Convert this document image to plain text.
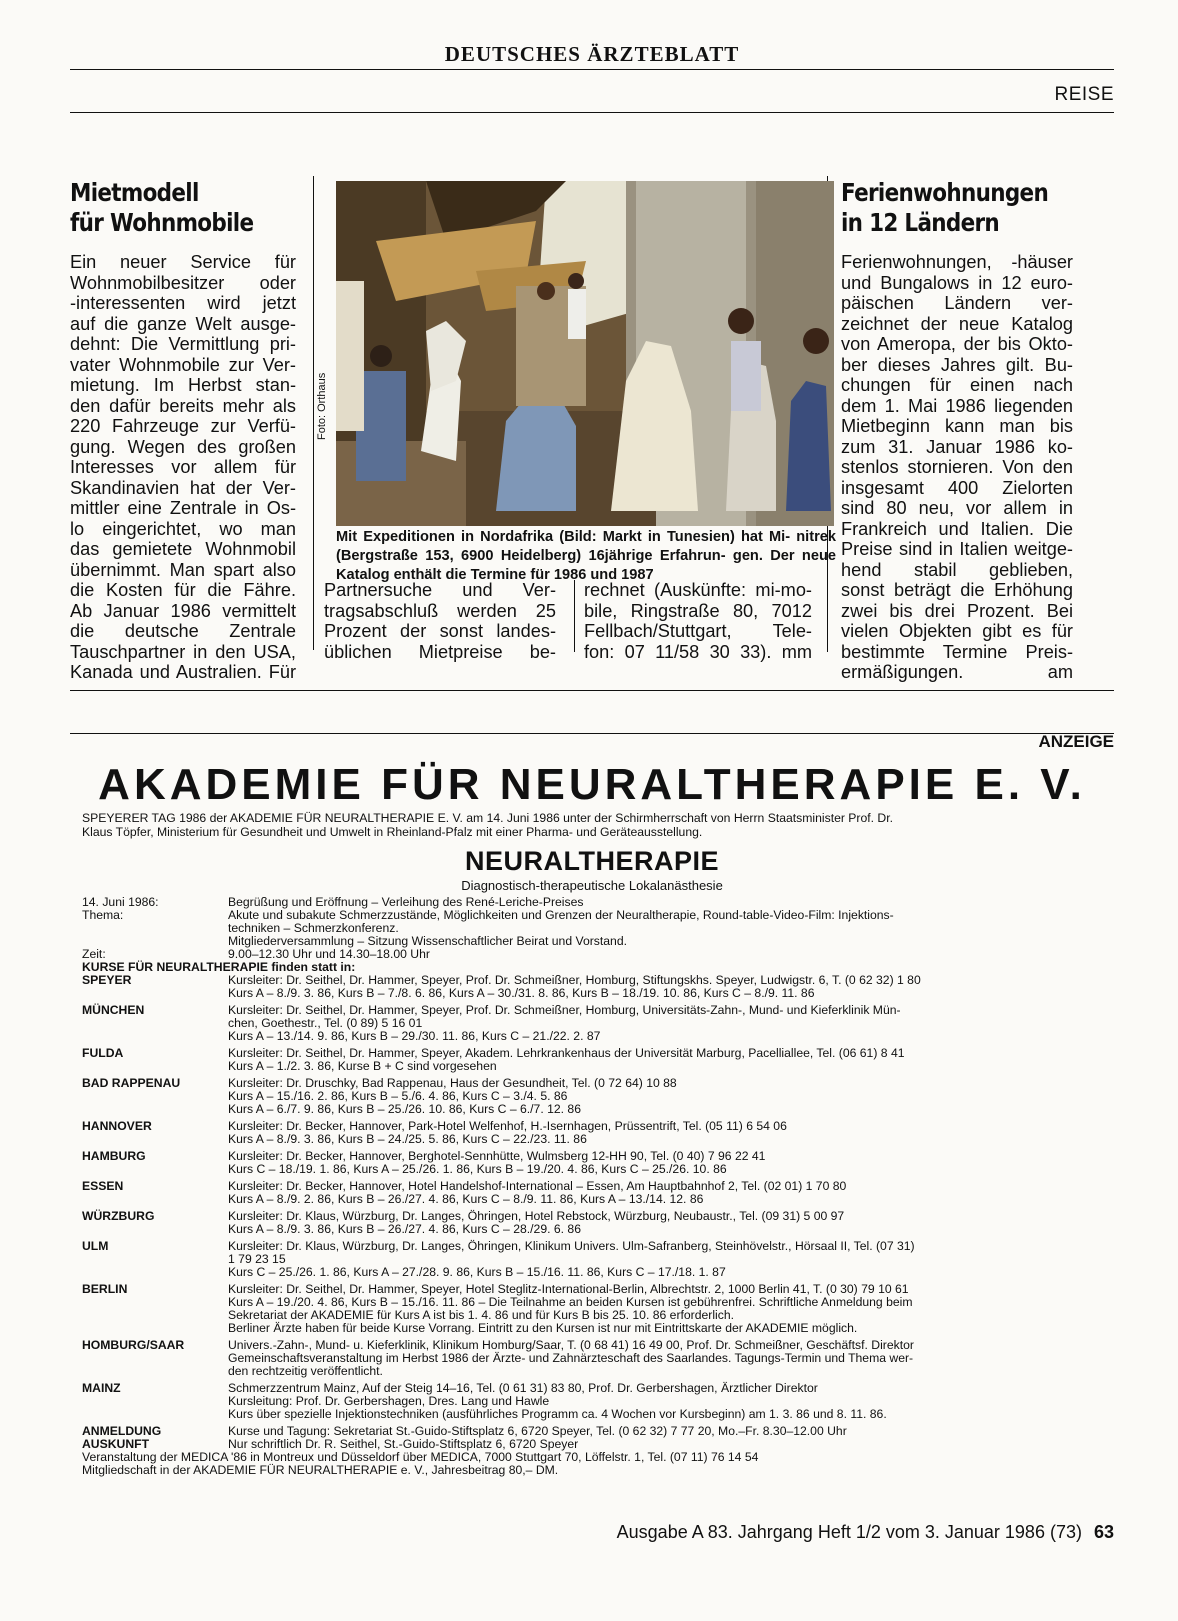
DEUTSCHES ÄRZTEBLATT
REISE
Mietmodell
für Wohnmobile
Ein neuer Service für
Wohnmobilbesitzer oder
-interessenten wird jetzt
auf die ganze Welt ausge-
dehnt: Die Vermittlung pri-
vater Wohnmobile zur Ver-
mietung. Im Herbst stan-
den dafür bereits mehr als
220 Fahrzeuge zur Verfü-
gung. Wegen des großen
Interesses vor allem für
Skandinavien hat der Ver-
mittler eine Zentrale in Os-
lo eingerichtet, wo man
das gemietete Wohnmobil
übernimmt. Man spart also
die Kosten für die Fähre.
Ab Januar 1986 vermittelt
die deutsche Zentrale
Tauschpartner in den USA,
Kanada und Australien. Für
Foto: Orthaus
Mit Expeditionen in Nordafrika (Bild: Markt in Tunesien) hat Mi- nitrek (Bergstraße 153, 6900 Heidelberg) 16jährige Erfahrun- gen. Der neue Katalog enthält die Termine für 1986 und 1987
Partnersuche und Ver-
tragsabschluß werden 25
Prozent der sonst landes-
üblichen Mietpreise be-
rechnet (Auskünfte: mi-mo-
bile, Ringstraße 80, 7012
Fellbach/Stuttgart, Tele-
fon: 07 11/58 30 33). mm
Ferienwohnungen
in 12 Ländern
Ferienwohnungen, -häuser
und Bungalows in 12 euro-
päischen Ländern ver-
zeichnet der neue Katalog
von Ameropa, der bis Okto-
ber dieses Jahres gilt. Bu-
chungen für einen nach
dem 1. Mai 1986 liegenden
Mietbeginn kann man bis
zum 31. Januar 1986 ko-
stenlos stornieren. Von den
insgesamt 400 Zielorten
sind 80 neu, vor allem in
Frankreich und Italien. Die
Preise sind in Italien weitge-
hend stabil geblieben,
sonst beträgt die Erhöhung
zwei bis drei Prozent. Bei
vielen Objekten gibt es für
bestimmte Termine Preis-
ermäßigungen. am
ANZEIGE
AKADEMIE FÜR NEURALTHERAPIE E. V.
SPEYERER TAG 1986 der AKADEMIE FÜR NEURALTHERAPIE E. V. am 14. Juni 1986 unter der Schirmherrschaft von Herrn Staatsminister Prof. Dr.
Klaus Töpfer, Ministerium für Gesundheit und Umwelt in Rheinland-Pfalz mit einer Pharma- und Geräteausstellung.
NEURALTHERAPIE
Diagnostisch-therapeutische Lokalanästhesie
14. Juni 1986:	Begrüßung und Eröffnung – Verleihung des René-Leriche-Preises
Thema:	Akute und subakute Schmerzzustände, Möglichkeiten und Grenzen der Neuraltherapie, Round-table-Video-Film: Injektions-
techniken – Schmerzkonferenz.
Mitgliederversammlung – Sitzung Wissenschaftlicher Beirat und Vorstand.
Zeit:	9.00–12.30 Uhr und 14.30–18.00 Uhr
KURSE FÜR NEURALTHERAPIE finden statt in:
SPEYER	Kursleiter: Dr. Seithel, Dr. Hammer, Speyer, Prof. Dr. Schmeißner, Homburg, Stiftungskhs. Speyer, Ludwigstr. 6, T. (0 62 32) 1 80
Kurs A – 8./9. 3. 86, Kurs B – 7./8. 6. 86, Kurs A – 30./31. 8. 86, Kurs B – 18./19. 10. 86, Kurs C – 8./9. 11. 86
MÜNCHEN	Kursleiter: Dr. Seithel, Dr. Hammer, Speyer, Prof. Dr. Schmeißner, Homburg, Universitäts-Zahn-, Mund- und Kieferklinik Mün-
chen, Goethestr., Tel. (0 89) 5 16 01
Kurs A – 13./14. 9. 86, Kurs B – 29./30. 11. 86, Kurs C – 21./22. 2. 87
FULDA	Kursleiter: Dr. Seithel, Dr. Hammer, Speyer, Akadem. Lehrkrankenhaus der Universität Marburg, Pacelliallee, Tel. (06 61) 8 41
Kurs A – 1./2. 3. 86, Kurse B + C sind vorgesehen
BAD RAPPENAU	Kursleiter: Dr. Druschky, Bad Rappenau, Haus der Gesundheit, Tel. (0 72 64) 10 88
Kurs A – 15./16. 2. 86, Kurs B – 5./6. 4. 86, Kurs C – 3./4. 5. 86
Kurs A – 6./7. 9. 86, Kurs B – 25./26. 10. 86, Kurs C – 6./7. 12. 86
HANNOVER	Kursleiter: Dr. Becker, Hannover, Park-Hotel Welfenhof, H.-Isernhagen, Prüssentrift, Tel. (05 11) 6 54 06
Kurs A – 8./9. 3. 86, Kurs B – 24./25. 5. 86, Kurs C – 22./23. 11. 86
HAMBURG	Kursleiter: Dr. Becker, Hannover, Berghotel-Sennhütte, Wulmsberg 12-HH 90, Tel. (0 40) 7 96 22 41
Kurs C – 18./19. 1. 86, Kurs A – 25./26. 1. 86, Kurs B – 19./20. 4. 86, Kurs C – 25./26. 10. 86
ESSEN	Kursleiter: Dr. Becker, Hannover, Hotel Handelshof-International – Essen, Am Hauptbahnhof 2, Tel. (02 01) 1 70 80
Kurs A – 8./9. 2. 86, Kurs B – 26./27. 4. 86, Kurs C – 8./9. 11. 86, Kurs A – 13./14. 12. 86
WÜRZBURG	Kursleiter: Dr. Klaus, Würzburg, Dr. Langes, Öhringen, Hotel Rebstock, Würzburg, Neubaustr., Tel. (09 31) 5 00 97
Kurs A – 8./9. 3. 86, Kurs B – 26./27. 4. 86, Kurs C – 28./29. 6. 86
ULM	Kursleiter: Dr. Klaus, Würzburg, Dr. Langes, Öhringen, Klinikum Univers. Ulm-Safranberg, Steinhövelstr., Hörsaal II, Tel. (07 31)
1 79 23 15
Kurs C – 25./26. 1. 86, Kurs A – 27./28. 9. 86, Kurs B – 15./16. 11. 86, Kurs C – 17./18. 1. 87
BERLIN	Kursleiter: Dr. Seithel, Dr. Hammer, Speyer, Hotel Steglitz-International-Berlin, Albrechtstr. 2, 1000 Berlin 41, T. (0 30) 79 10 61
Kurs A – 19./20. 4. 86, Kurs B – 15./16. 11. 86 – Die Teilnahme an beiden Kursen ist gebührenfrei. Schriftliche Anmeldung beim
Sekretariat der AKADEMIE für Kurs A ist bis 1. 4. 86 und für Kurs B bis 25. 10. 86 erforderlich.
Berliner Ärzte haben für beide Kurse Vorrang. Eintritt zu den Kursen ist nur mit Eintrittskarte der AKADEMIE möglich.
HOMBURG/SAAR	Univers.-Zahn-, Mund- u. Kieferklinik, Klinikum Homburg/Saar, T. (0 68 41) 16 49 00, Prof. Dr. Schmeißner, Geschäftsf. Direktor
Gemeinschaftsveranstaltung im Herbst 1986 der Ärzte- und Zahnärzteschaft des Saarlandes. Tagungs-Termin und Thema wer-
den rechtzeitig veröffentlicht.
MAINZ	Schmerzzentrum Mainz, Auf der Steig 14–16, Tel. (0 61 31) 83 80, Prof. Dr. Gerbershagen, Ärztlicher Direktor
Kursleitung: Prof. Dr. Gerbershagen, Dres. Lang und Hawle
Kurs über spezielle Injektionstechniken (ausführliches Programm ca. 4 Wochen vor Kursbeginn) am 1. 3. 86 und 8. 11. 86.
ANMELDUNG	Kurse und Tagung: Sekretariat St.-Guido-Stiftsplatz 6, 6720 Speyer, Tel. (0 62 32) 7 77 20, Mo.–Fr. 8.30–12.00 Uhr
AUSKUNFT	Nur schriftlich Dr. R. Seithel, St.-Guido-Stiftsplatz 6, 6720 Speyer
Veranstaltung der MEDICA '86 in Montreux und Düsseldorf über MEDICA, 7000 Stuttgart 70, Löffelstr. 1, Tel. (07 11) 76 14 54
Mitgliedschaft in der AKADEMIE FÜR NEURALTHERAPIE e. V., Jahresbeitrag 80,– DM.
Ausgabe A 83. Jahrgang Heft 1/2 vom 3. Januar 1986 (73) 63
